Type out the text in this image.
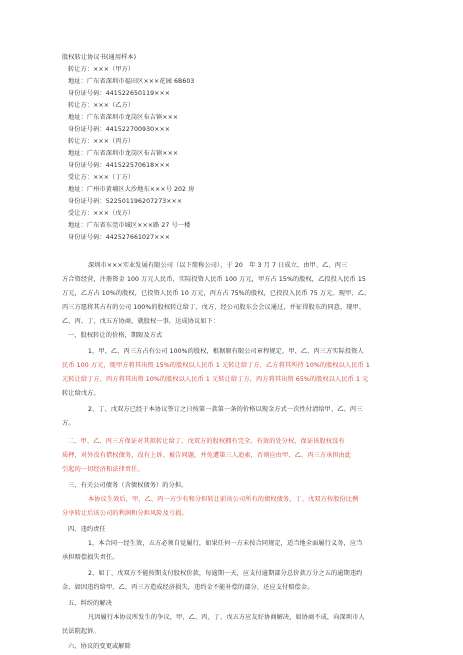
股权转让协议书(通用样本)
转让方：×××（甲方）
地址：广东省深圳市福田区×××花园 6B603
身份证号码：441522650119×××
转让方：×××（乙方）
地址：广东省深圳市龙岗区布吉镇×××
身份证号码：441522700930×××
转让方：×××（丙方）
地址：广东省深圳市龙岗区布吉镇×××
身份证号码：441522570618×××
受让方：×××（丁方）
地址：广州市黄埔区大沙地东×××号 202 房
身份证号码：522501196207273×××
受让方：×××（戊方）
地址：广东省东莞市城区×××路 27 号一楼
身份证号码：442527661027×××
深圳市×××实业发展有限公司（以下简称公司），于 20　年 3 月 7 日成立，由甲、乙、丙三
方合资经营，注册资金 100 万元人民币，实际投资人民币 100 万元，甲方占 15%的股权，乙投投入民币 15
万元，乙方占 10%的股权，已投资人民币 10 万元，丙方占 75%的股权，已投投入民币 75 万元。现甲、乙、
丙三方愿将其占有的公司 100%的股权转让给丁、戊方，经公司股东会会议通过，并征得股东的同意，现甲、
乙、丙、丁、戊五方协商，就股权一事，达成协议如下：
一、股权转让的价格，期限及方式
1、甲、乙、丙三方占有公司 100%的股权，根据原有限公司章程规定，甲、乙、丙三方实际投资人
民币 100 万元，现甲方将其出资 15%的股权以人民币 1 元转让给丁方，乙方将其所持 10%的股权以人民币 1
元转让给丁方，丙方将其出资 10%的股权以人民币 1 元转让给丁方，丙方将其出资 65%的股权以人民币 1 元
转让给戊方。
2、丁、戊双方已经于本协议签订之日按第一款第一条的价格以现金方式一次性付清给甲、乙、丙三
方。
二、甲、乙、丙三方保证对其拟转让给丁、戊双方的股权拥有完全、有效的处分权，保证该股权没有
质押，对外没有借权债务，没有上诉、被告问题，并免遭第三人追索，否则应由甲、乙、丙三方承担由此
引起的一切经济和法律责任。
三、有关公司债务（含债权债务）的分担。
本协议生效后，甲、乙、丙一方少有和分担转让前该公司所有的债权债务，丁、戊双方按股份比例
分享转让后该公司的利润和分担风险及亏损。
四、违约责任
1、本合同一经生效，五方必须自觉履行，如果任何一方未按合同规定，适当地全面履行义务，应当
承担赔偿损失责任。
2、如丁、戊双方不能按期支付股权价款，每逾期一天，应支付逾期部分总价款万分之五的逾期违约
金，如因违约给甲、乙、丙三方造成经济损失，违约金不能补偿的部分，还应支付赔偿金。
五、纠纷的解决
凡因履行本协议所发生的争议，甲、乙、丙、丁、戊五方应友好协商解决，如协商不成，向深圳市人
民法院起诉。
六、协议的变更或解除
